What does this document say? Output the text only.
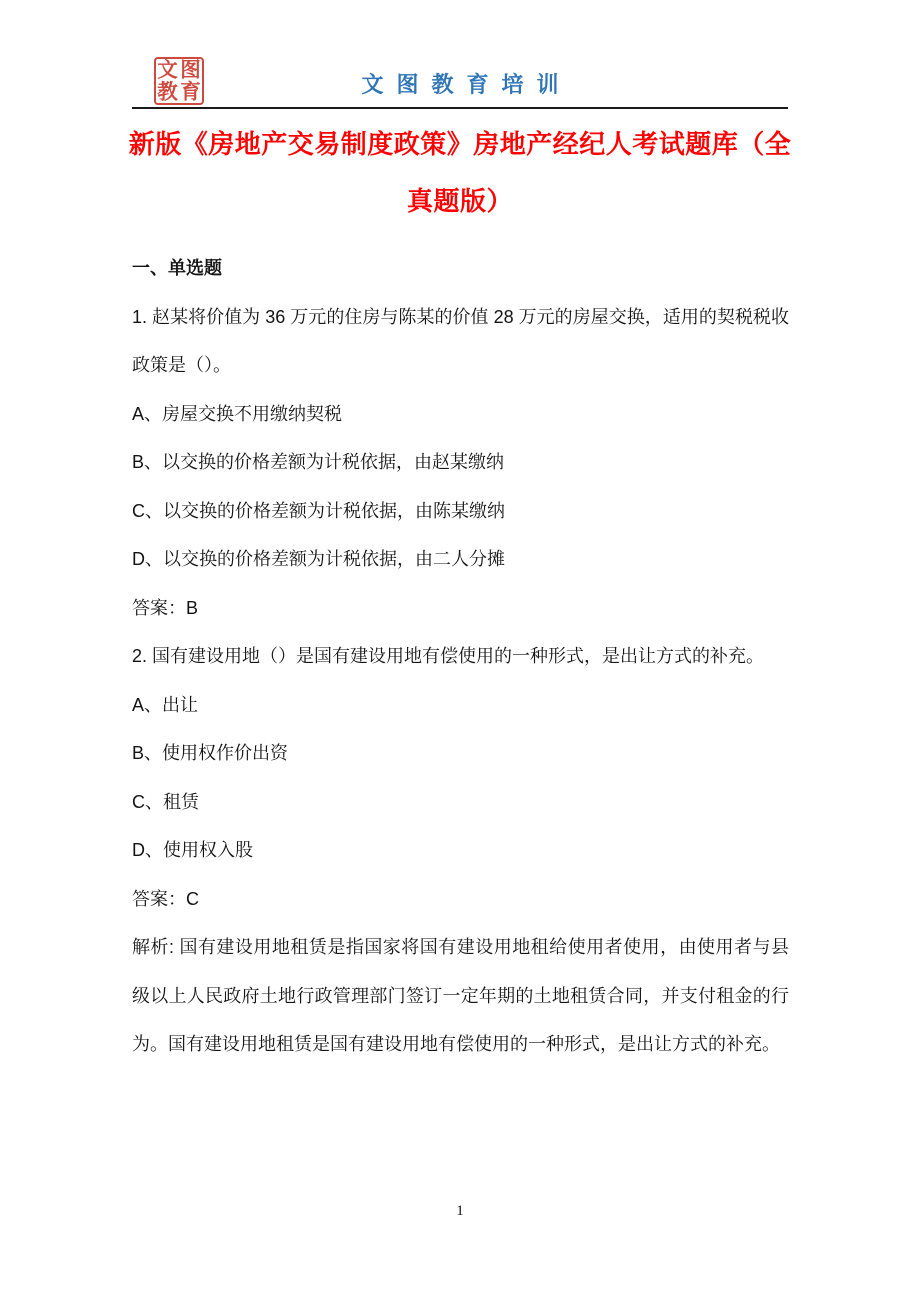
文 图
教 育	文图教育培训
新版《房地产交易制度政策》房地产经纪人考试题库（全真题版）

一、单选题

1. 赵某将价值为 36 万元的住房与陈某的价值 28 万元的房屋交换，适用的契税税收政策是（）。

A、房屋交换不用缴纳契税

B、以交换的价格差额为计税依据，由赵某缴纳

C、以交换的价格差额为计税依据，由陈某缴纳

D、以交换的价格差额为计税依据，由二人分摊

答案：B

2. 国有建设用地（）是国有建设用地有偿使用的一种形式，是出让方式的补充。

A、出让

B、使用权作价出资

C、租赁

D、使用权入股

答案：C

解析: 国有建设用地租赁是指国家将国有建设用地租给使用者使用，由使用者与县级以上人民政府土地行政管理部门签订一定年期的土地租赁合同，并支付租金的行为。国有建设用地租赁是国有建设用地有偿使用的一种形式，是出让方式的补充。

1
